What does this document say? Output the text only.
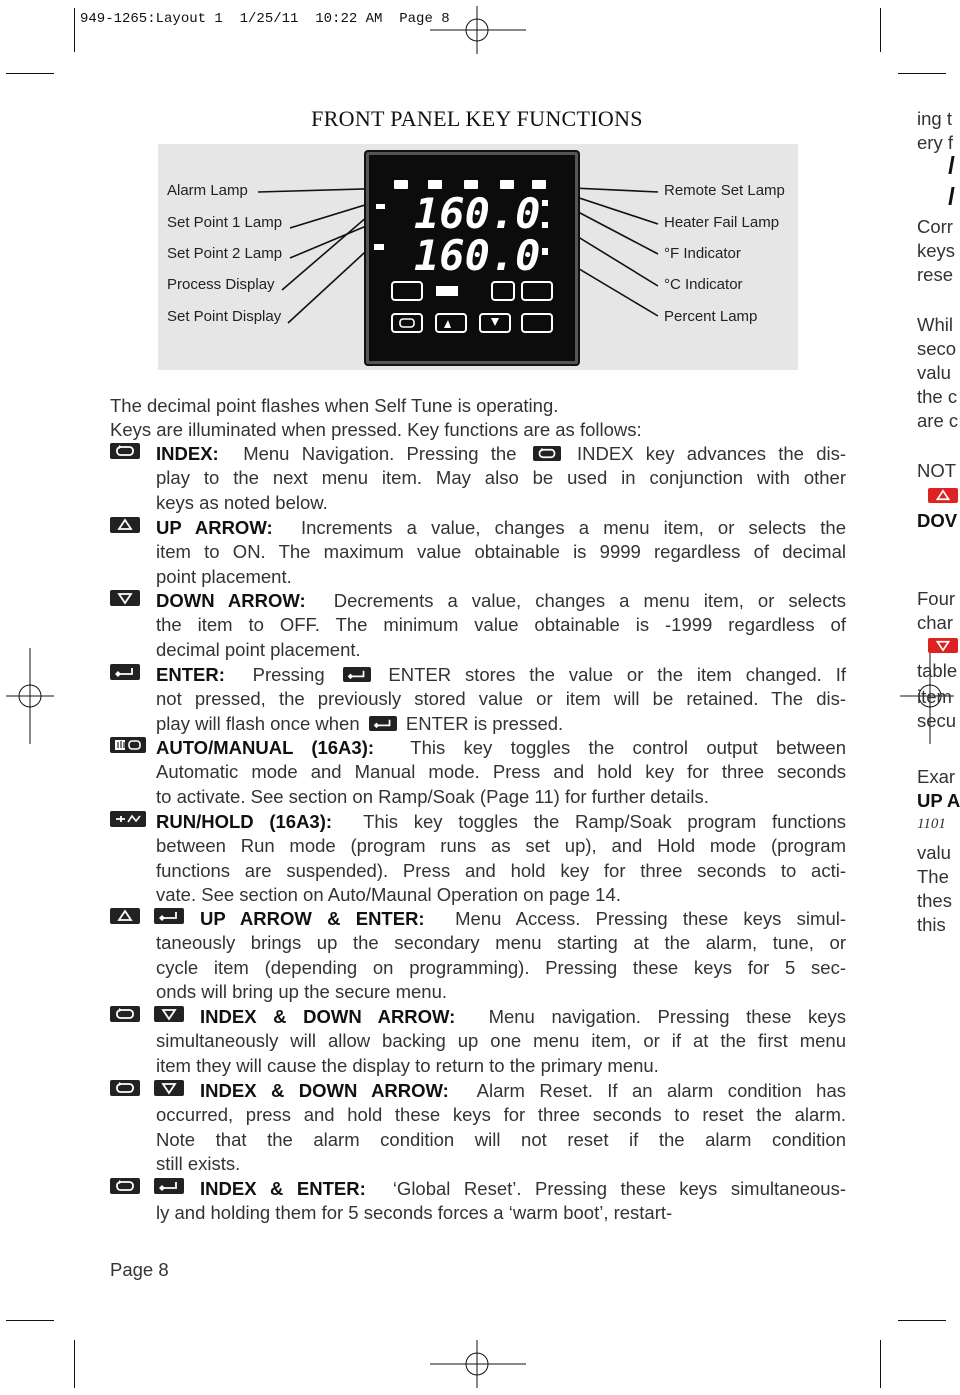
949-1265:Layout 1  1/25/11  10:22 AM  Page 8
FRONT PANEL KEY FUNCTIONS
160.0
160.0
Alarm Lamp
Set Point 1 Lamp
Set Point 2 Lamp
Process Display
Set Point Display
Remote Set Lamp
Heater Fail Lamp
°F Indicator
°C Indicator
Percent Lamp
The decimal point flashes when Self Tune is operating.
Keys are illuminated when pressed. Key functions are as follows:
INDEX:  Menu Navigation. Pressing the
INDEX key advances the dis-
play to the next menu item. May also be used in conjunction with other
keys as noted below.
UP ARROW:  Increments a value, changes a menu item, or selects the
item to ON. The maximum value obtainable is 9999 regardless of decimal
point placement.
DOWN ARROW:  Decrements a value, changes a menu item, or selects
the item to OFF. The minimum value obtainable is -1999 regardless of
decimal point placement.
ENTER:  Pressing
ENTER stores the value or the item changed. If
not pressed, the previously stored value or item will be retained. The dis-
play will flash once when
ENTER is pressed.
AUTO/MANUAL (16A3):  This key toggles the control output between
Automatic mode and Manual mode. Press and hold key for three seconds
to activate. See section on Ramp/Soak (Page 11) for further details.
RUN/HOLD (16A3):  This key toggles the Ramp/Soak program functions
between Run mode (program runs as set up), and Hold mode (program
functions are suspended). Press and hold key for three seconds to acti-
vate. See section on Auto/Maunal Operation on page 14.
UP ARROW & ENTER:  Menu Access. Pressing these keys simul-
taneously brings up the secondary menu starting at the alarm, tune, or
cycle item (depending on programming). Pressing these keys for 5 sec-
onds will bring up the secure menu.
INDEX & DOWN ARROW:  Menu navigation. Pressing these keys
simultaneously will allow backing up one menu item, or if at the first menu
item they will cause the display to return to the primary menu.
INDEX & DOWN ARROW:  Alarm Reset. If an alarm condition has
occurred, press and hold these keys for three seconds to reset the alarm.
Note that the alarm condition will not reset if the alarm condition
still exists.
INDEX & ENTER:  ‘Global Reset’. Pressing these keys simultaneous-
ly and holding them for 5 seconds forces a ‘warm boot’, restart-
Page 8
ing t
ery f
Corr
keys
rese
Whil
seco
valu
the c
are c
NOT
DOV
Four
char
table
item
secu
Exar
UP A
1101
valu
The
thes
this
